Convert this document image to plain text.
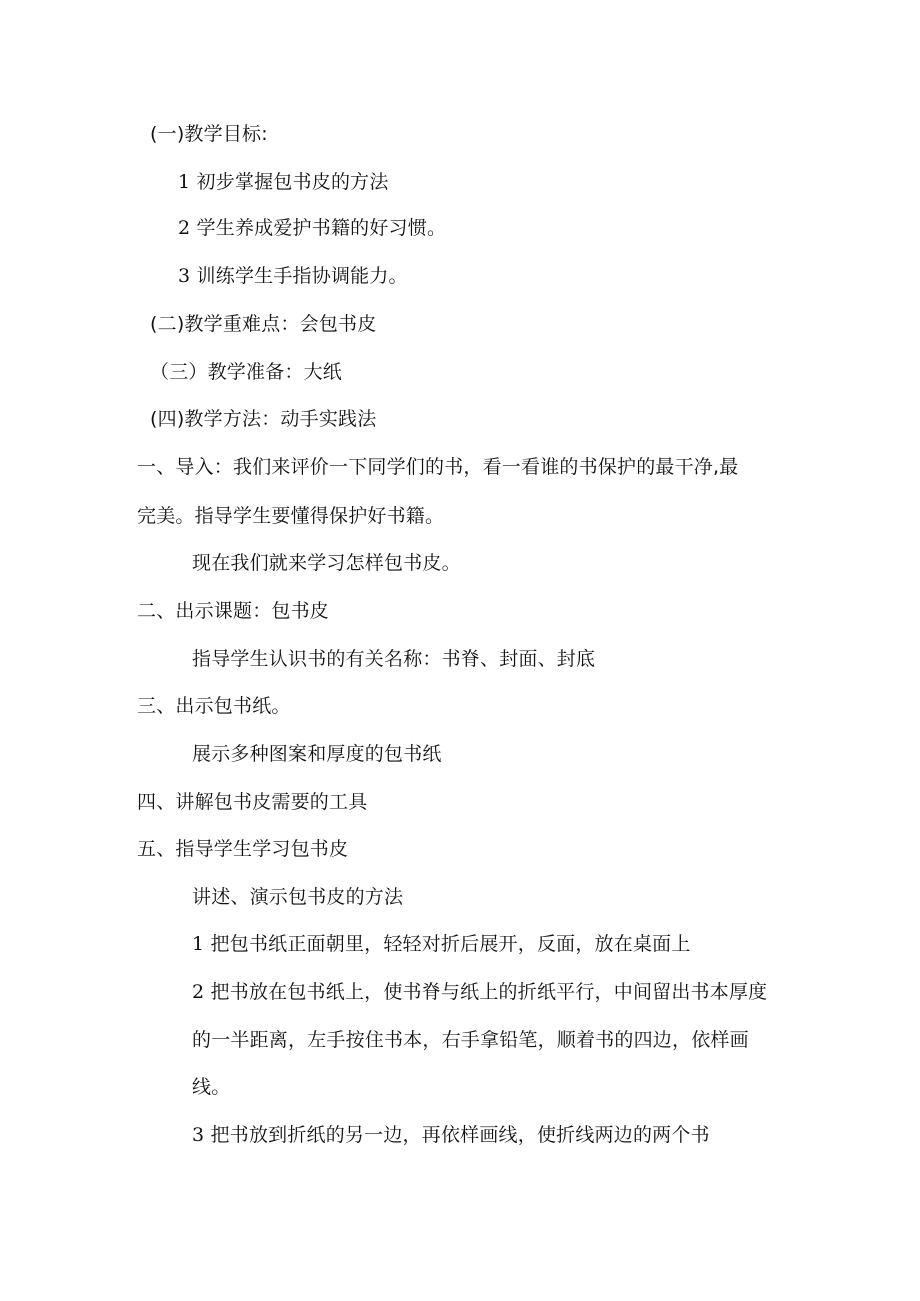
(一)教学目标:
1 初步掌握包书皮的方法
2 学生养成爱护书籍的好习惯。
3 训练学生手指协调能力。
(二)教学重难点：会包书皮
（三）教学准备：大纸
(四)教学方法：动手实践法
一、导入：我们来评价一下同学们的书，看一看谁的书保护的最干净,最
完美。指导学生要懂得保护好书籍。
现在我们就来学习怎样包书皮。
二、出示课题：包书皮
指导学生认识书的有关名称：书脊、封面、封底
三、出示包书纸。
展示多种图案和厚度的包书纸
四、讲解包书皮需要的工具
五、指导学生学习包书皮
讲述、演示包书皮的方法
1 把包书纸正面朝里，轻轻对折后展开，反面，放在桌面上
2 把书放在包书纸上，使书脊与纸上的折纸平行，中间留出书本厚度
的一半距离，左手按住书本，右手拿铅笔，顺着书的四边，依样画
线。
3 把书放到折纸的另一边，再依样画线，使折线两边的两个书
